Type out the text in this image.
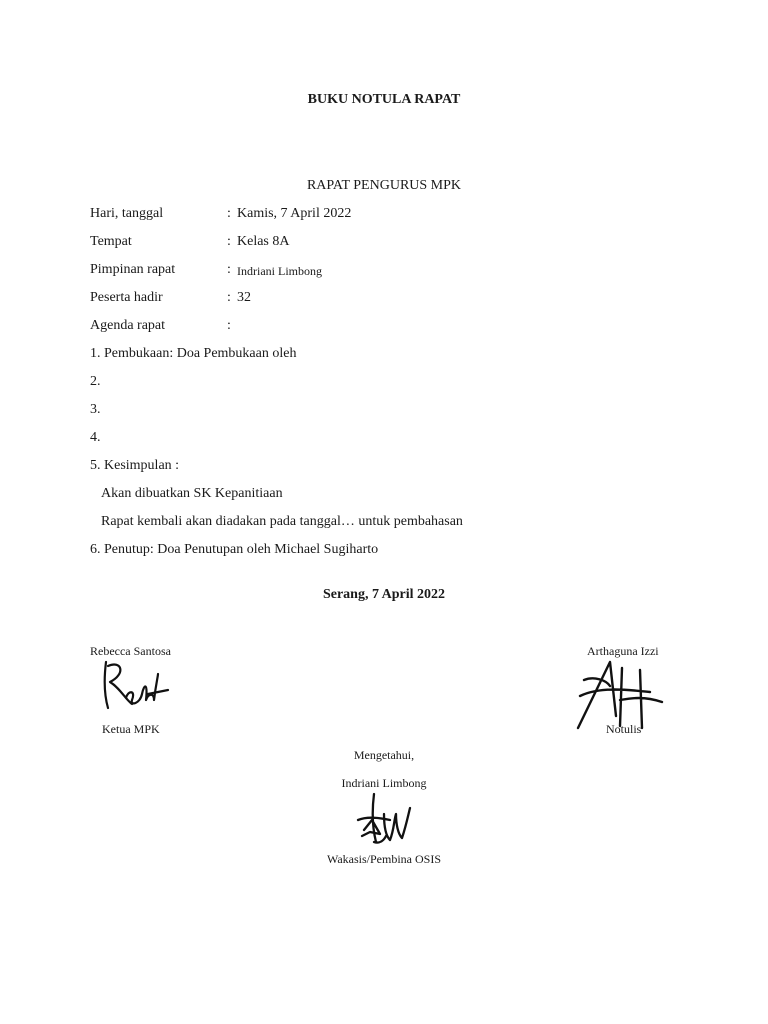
BUKU NOTULA RAPAT
RAPAT PENGURUS MPK
Hari, tanggal	: Kamis, 7 April 2022
Tempat	: Kelas 8A
Pimpinan rapat	: Indriani Limbong
Peserta hadir	: 32
Agenda rapat	:
1. Pembukaan: Doa Pembukaan oleh
2.
3.
4.
5. Kesimpulan :
Akan dibuatkan SK Kepanitiaan
Rapat kembali akan diadakan pada tanggal… untuk pembahasan
6. Penutup: Doa Penutupan oleh Michael Sugiharto
Serang, 7 April 2022
Rebecca Santosa
Ketua MPK
Arthaguna Izzi
Notulis
Mengetahui,
Indriani Limbong
Wakasis/Pembina OSIS
